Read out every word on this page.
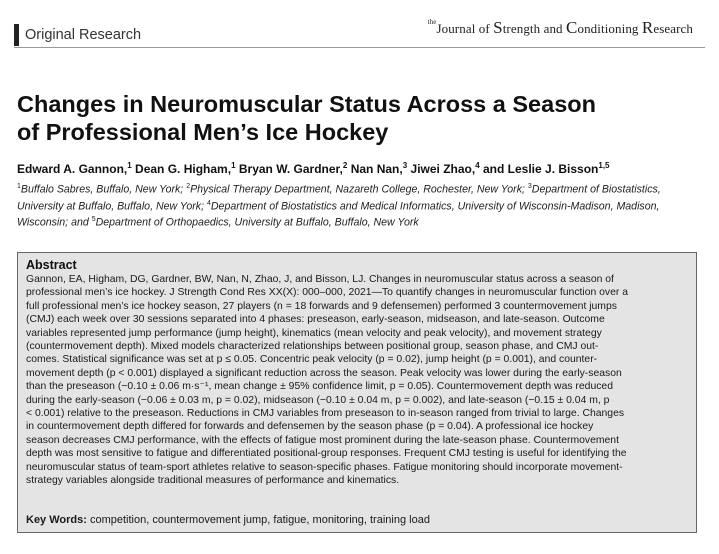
Original Research
$^{the}$Journal of Strength and Conditioning Research
Changes in Neuromuscular Status Across a Season
of Professional Men’s Ice Hockey
Edward A. Gannon,$^1$ Dean G. Higham,$^1$ Bryan W. Gardner,$^2$ Nan Nan,$^3$ Jiwei Zhao,$^4$ and Leslie J. Bisson$^{1,5}$
$^1$Buffalo Sabres, Buffalo, New York; $^2$Physical Therapy Department, Nazareth College, Rochester, New York; $^3$Department of Biostatistics, University at Buffalo, Buffalo, New York; $^4$Department of Biostatistics and Medical Informatics, University of Wisconsin-Madison, Madison, Wisconsin; and $^5$Department of Orthopaedics, University at Buffalo, Buffalo, New York
Abstract
Gannon, EA, Higham, DG, Gardner, BW, Nan, N, Zhao, J, and Bisson, LJ. Changes in neuromuscular status across a season of
professional men’s ice hockey. J Strength Cond Res XX(X): 000–000, 2021—To quantify changes in neuromuscular function over a
full professional men’s ice hockey season, 27 players (n = 18 forwards and 9 defensemen) performed 3 countermovement jumps
(CMJ) each week over 30 sessions separated into 4 phases: preseason, early-season, midseason, and late-season. Outcome
variables represented jump performance (jump height), kinematics (mean velocity and peak velocity), and movement strategy
(countermovement depth). Mixed models characterized relationships between positional group, season phase, and CMJ out-
comes. Statistical significance was set at p ≤ 0.05. Concentric peak velocity (p = 0.02), jump height (p = 0.001), and counter-
movement depth (p < 0.001) displayed a significant reduction across the season. Peak velocity was lower during the early-season
than the preseason (−0.10 ± 0.06 m·s⁻¹, mean change ± 95% confidence limit, p = 0.05). Countermovement depth was reduced
during the early-season (−0.06 ± 0.03 m, p = 0.02), midseason (−0.10 ± 0.04 m, p = 0.002), and late-season (−0.15 ± 0.04 m, p
< 0.001) relative to the preseason. Reductions in CMJ variables from preseason to in-season ranged from trivial to large. Changes
in countermovement depth differed for forwards and defensemen by the season phase (p = 0.04). A professional ice hockey
season decreases CMJ performance, with the effects of fatigue most prominent during the late-season phase. Countermovement
depth was most sensitive to fatigue and differentiated positional-group responses. Frequent CMJ testing is useful for identifying the
neuromuscular status of team-sport athletes relative to season-specific phases. Fatigue monitoring should incorporate movement-
strategy variables alongside traditional measures of performance and kinematics.
Key Words: competition, countermovement jump, fatigue, monitoring, training load
